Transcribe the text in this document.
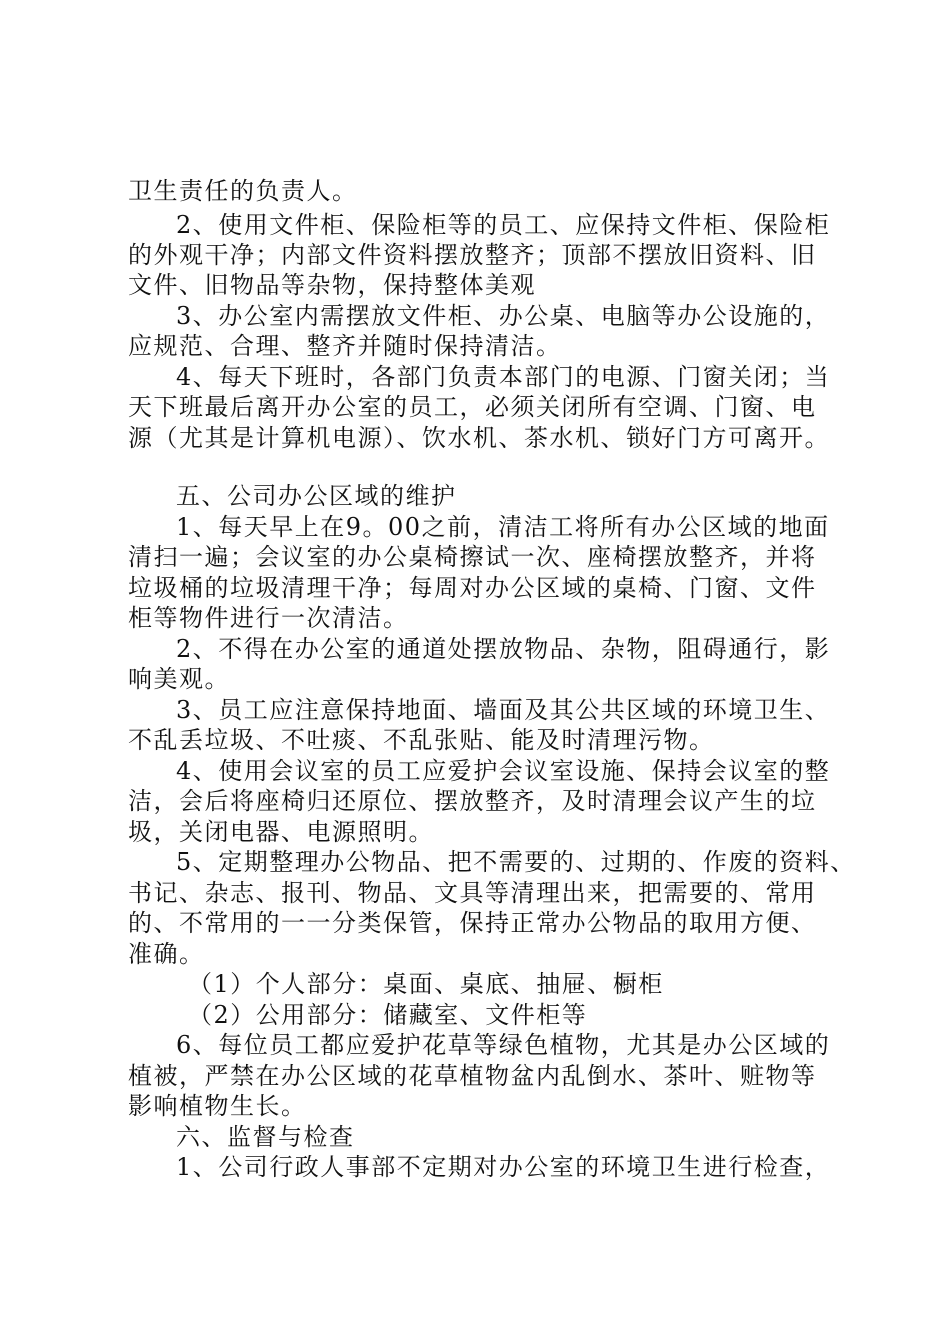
卫生责任的负责人。
2、使用文件柜、保险柜等的员工、应保持文件柜、保险柜
的外观干净；内部文件资料摆放整齐；顶部不摆放旧资料、旧
文件、旧物品等杂物，保持整体美观
3、办公室内需摆放文件柜、办公桌、电脑等办公设施的，
应规范、合理、整齐并随时保持清洁。
4、每天下班时，各部门负责本部门的电源、门窗关闭；当
天下班最后离开办公室的员工，必须关闭所有空调、门窗、电
源（尤其是计算机电源）、饮水机、茶水机、锁好门方可离开。
五、公司办公区域的维护
1、每天早上在9。00之前，清洁工将所有办公区域的地面
清扫一遍；会议室的办公桌椅擦试一次、座椅摆放整齐，并将
垃圾桶的垃圾清理干净；每周对办公区域的桌椅、门窗、文件
柜等物件进行一次清洁。
2、不得在办公室的通道处摆放物品、杂物，阻碍通行，影
响美观。
3、员工应注意保持地面、墙面及其公共区域的环境卫生、
不乱丢垃圾、不吐痰、不乱张贴、能及时清理污物。
4、使用会议室的员工应爱护会议室设施、保持会议室的整
洁，会后将座椅归还原位、摆放整齐，及时清理会议产生的垃
圾，关闭电器、电源照明。
5、定期整理办公物品、把不需要的、过期的、作废的资料、
书记、杂志、报刊、物品、文具等清理出来，把需要的、常用
的、不常用的一一分类保管，保持正常办公物品的取用方便、
准确。
（1）个人部分：桌面、桌底、抽屉、橱柜
（2）公用部分：储藏室、文件柜等
6、每位员工都应爱护花草等绿色植物，尤其是办公区域的
植被，严禁在办公区域的花草植物盆内乱倒水、茶叶、赃物等
影响植物生长。
六、监督与检查
1、公司行政人事部不定期对办公室的环境卫生进行检查，
